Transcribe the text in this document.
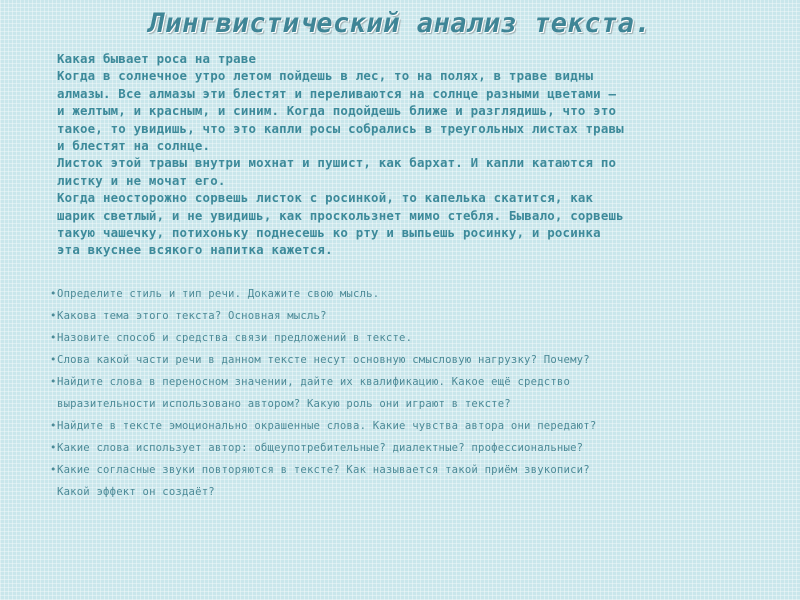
Лингвистический анализ текста.
Какая бывает роса на траве
Когда в солнечное утро летом пойдешь в лес, то на полях, в траве видны
алмазы. Все алмазы эти блестят и переливаются на солнце разными цветами —
и желтым, и красным, и синим. Когда подойдешь ближе и разглядишь, что это
такое, то увидишь, что это капли росы собрались в треугольных листах травы
и блестят на солнце.
Листок этой травы внутри мохнат и пушист, как бархат. И капли катаются по
листку и не мочат его.
Когда неосторожно сорвешь листок с росинкой, то капелька скатится, как
шарик светлый, и не увидишь, как проскользнет мимо стебля. Бывало, сорвешь
такую чашечку, потихоньку поднесешь ко рту и выпьешь росинку, и росинка
эта вкуснее всякого напитка кажется.
•Определите стиль и тип речи. Докажите свою мысль.
•Какова тема этого текста? Основная мысль?
•Назовите способ и средства связи предложений в тексте.
•Слова какой части речи в данном тексте несут основную смысловую нагрузку? Почему?
•Найдите слова в переносном значении, дайте их квалификацию. Какое ещё средство
выразительности использовано автором? Какую роль они играют в тексте?
•Найдите в тексте эмоционально окрашенные слова. Какие чувства автора они передают?
•Какие слова использует автор: общеупотребительные? диалектные? профессиональные?
•Какие согласные звуки повторяются в тексте? Как называется такой приём звукописи?
Какой эффект он создаёт?
